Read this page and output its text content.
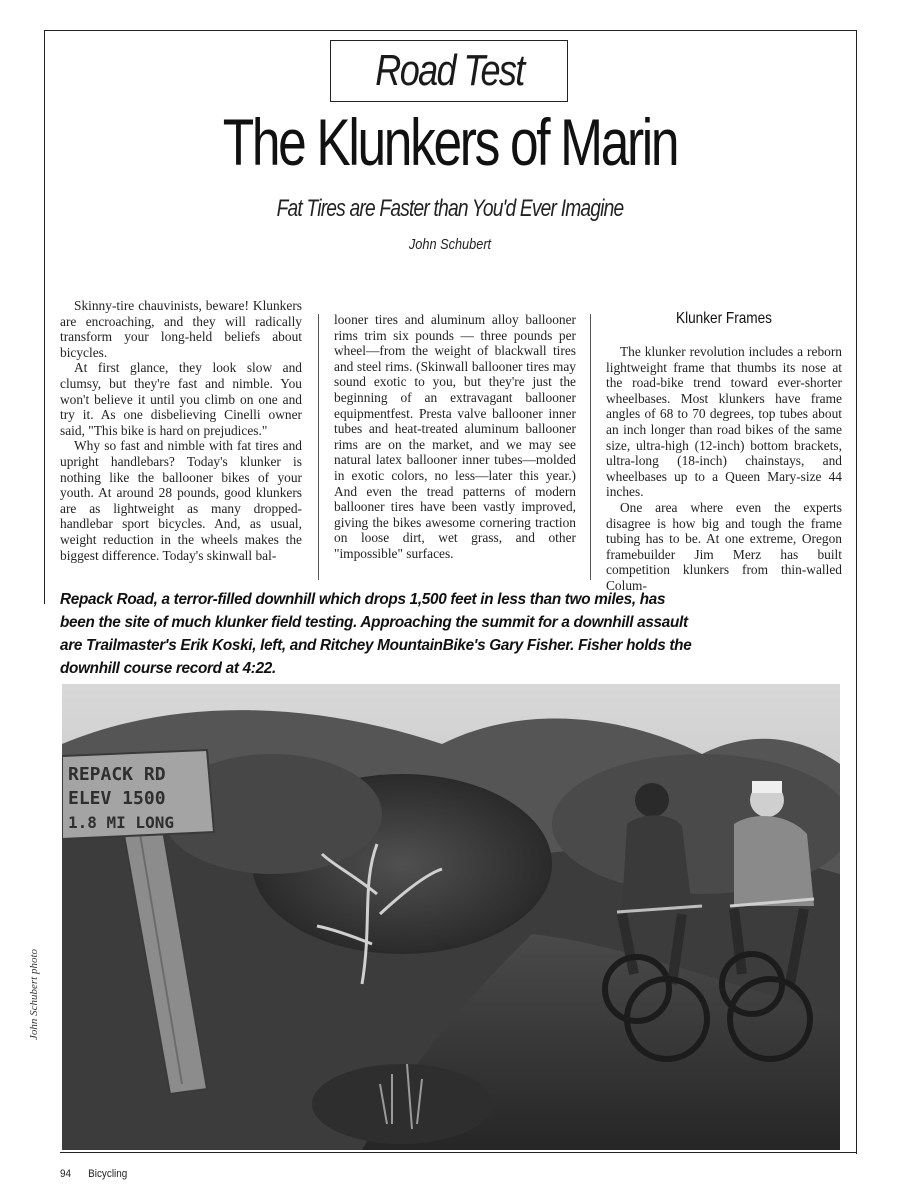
Road Test
The Klunkers of Marin
Fat Tires are Faster than You'd Ever Imagine
John Schubert

Skinny-tire chauvinists, beware! Klunkers are encroaching, and they will radically transform your long-held beliefs about bicycles.

At first glance, they look slow and clumsy, but they're fast and nimble. You won't believe it until you climb on one and try it. As one disbelieving Cinelli owner said, "This bike is hard on prejudices."

Why so fast and nimble with fat tires and upright handlebars? Today's klunker is nothing like the ballooner bikes of your youth. At around 28 pounds, good klunkers are as lightweight as many dropped-handlebar sport bicycles. And, as usual, weight reduction in the wheels makes the biggest difference. Today's skinwall bal-

looner tires and aluminum alloy ballooner rims trim six pounds — three pounds per wheel—from the weight of blackwall tires and steel rims. (Skinwall ballooner tires may sound exotic to you, but they're just the beginning of an extravagant ballooner equipmentfest. Presta valve ballooner inner tubes and heat-treated aluminum ballooner rims are on the market, and we may see natural latex ballooner inner tubes—molded in exotic colors, no less—later this year.) And even the tread patterns of modern ballooner tires have been vastly improved, giving the bikes awesome cornering traction on loose dirt, wet grass, and other "impossible" surfaces.

Klunker Frames

The klunker revolution includes a reborn lightweight frame that thumbs its nose at the road-bike trend toward ever-shorter wheelbases. Most klunkers have frame angles of 68 to 70 degrees, top tubes about an inch longer than road bikes of the same size, ultra-high (12-inch) bottom brackets, ultra-long (18-inch) chainstays, and wheelbases up to a Queen Mary-size 44 inches.

One area where even the experts disagree is how big and tough the frame tubing has to be. At one extreme, Oregon framebuilder Jim Merz has built competition klunkers from thin-walled Colum-

Repack Road, a terror-filled downhill which drops 1,500 feet in less than two miles, has been the site of much klunker field testing. Approaching the summit for a downhill assault are Trailmaster's Erik Koski, left, and Ritchey MountainBike's Gary Fisher. Fisher holds the downhill course record at 4:22.
REPACK RD
ELEV 1500
1.8 MI LONG
John Schubert photo
94 Bicycling
